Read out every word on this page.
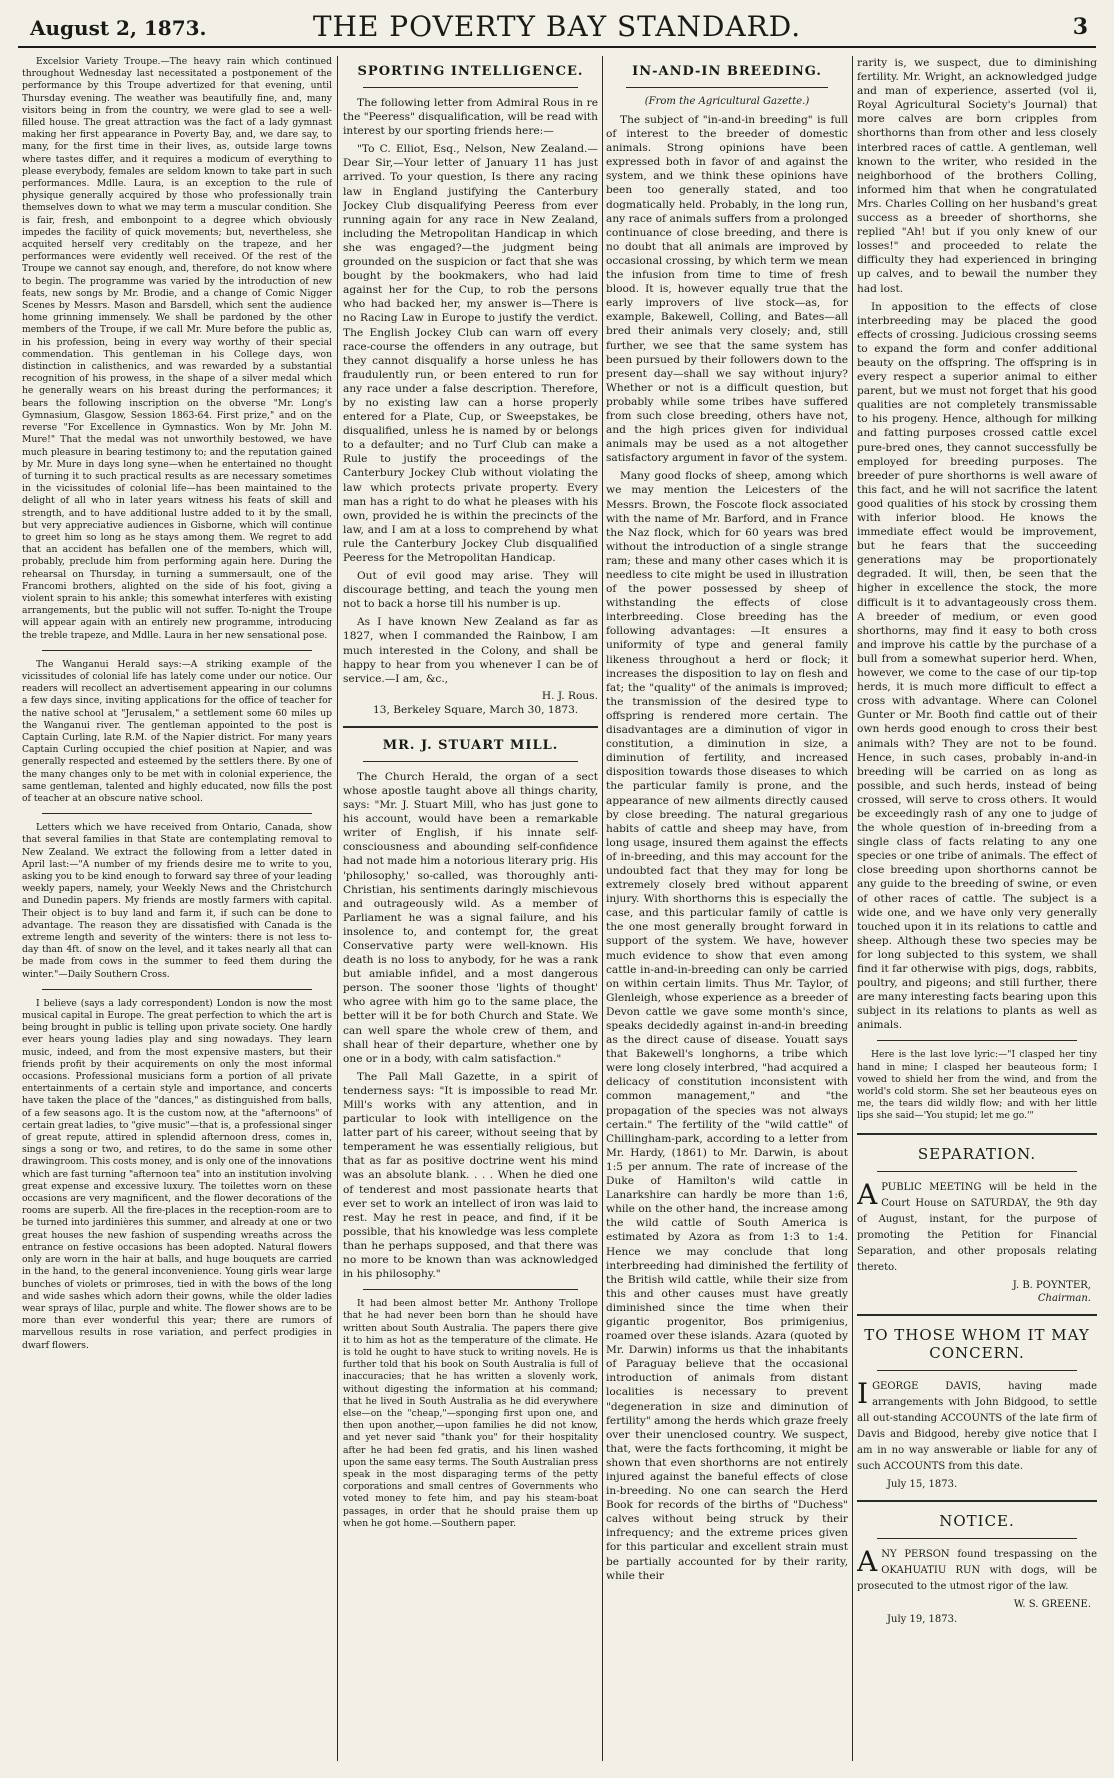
August 2, 1873.	THE POVERTY BAY STANDARD.	3

Excelsior Variety Troupe.—The heavy rain which continued throughout Wednesday last necessitated a postponement of the performance by this Troupe advertized for that evening, until Thursday evening. The weather was beautifully fine, and, many visitors being in from the country, we were glad to see a well-filled house. The great attraction was the fact of a lady gymnast making her first appearance in Poverty Bay, and, we dare say, to many, for the first time in their lives, as, outside large towns where tastes differ, and it requires a modicum of everything to please everybody, females are seldom known to take part in such performances. Mdlle. Laura, is an exception to the rule of physique generally acquired by those who professionally train themselves down to what we may term a muscular condition. She is fair, fresh, and embonpoint to a degree which obviously impedes the facility of quick movements; but, nevertheless, she acquited herself very creditably on the trapeze, and her performances were evidently well received. Of the rest of the Troupe we cannot say enough, and, therefore, do not know where to begin. The programme was varied by the introduction of new feats, new songs by Mr. Brodie, and a change of Comic Nigger Scenes by Messrs. Mason and Barsdell, which sent the audience home grinning immensely. We shall be pardoned by the other members of the Troupe, if we call Mr. Mure before the public as, in his profession, being in every way worthy of their special commendation. This gentleman in his College days, won distinction in calisthenics, and was rewarded by a substantial recognition of his prowess, in the shape of a silver medal which he generally wears on his breast during the performances; it bears the following inscription on the obverse "Mr. Long's Gymnasium, Glasgow, Session 1863-64. First prize," and on the reverse "For Excellence in Gymnastics. Won by Mr. John M. Mure!" That the medal was not unworthily bestowed, we have much pleasure in bearing testimony to; and the reputation gained by Mr. Mure in days long syne—when he entertained no thought of turning it to such practical results as are necessary sometimes in the vicissitudes of colonial life—has been maintained to the delight of all who in later years witness his feats of skill and strength, and to have additional lustre added to it by the small, but very appreciative audiences in Gisborne, which will continue to greet him so long as he stays among them. We regret to add that an accident has befallen one of the members, which will, probably, preclude him from performing again here. During the rehearsal on Thursday, in turning a summersault, one of the Francomi brothers, alighted on the side of his foot, giving a violent sprain to his ankle; this somewhat interferes with existing arrangements, but the public will not suffer. To-night the Troupe will appear again with an entirely new programme, introducing the treble trapeze, and Mdlle. Laura in her new sensational pose.

The Wanganui Herald says:—A striking example of the vicissitudes of colonial life has lately come under our notice. Our readers will recollect an advertisement appearing in our columns a few days since, inviting applications for the office of teacher for the native school at "Jerusalem," a settlement some 60 miles up the Wanganui river. The gentleman appointed to the post is Captain Curling, late R.M. of the Napier district. For many years Captain Curling occupied the chief position at Napier, and was generally respected and esteemed by the settlers there. By one of the many changes only to be met with in colonial experience, the same gentleman, talented and highly educated, now fills the post of teacher at an obscure native school.

Letters which we have received from Ontario, Canada, show that several families in that State are contemplating removal to New Zealand. We extract the following from a letter dated in April last:—"A number of my friends desire me to write to you, asking you to be kind enough to forward say three of your leading weekly papers, namely, your Weekly News and the Christchurch and Dunedin papers. My friends are mostly farmers with capital. Their object is to buy land and farm it, if such can be done to advantage. The reason they are dissatisfied with Canada is the extreme length and severity of the winters: there is not less to-day than 4ft. of snow on the level, and it takes nearly all that can be made from cows in the summer to feed them during the winter."—Daily Southern Cross.

I believe (says a lady correspondent) London is now the most musical capital in Europe. The great perfection to which the art is being brought in public is telling upon private society. One hardly ever hears young ladies play and sing nowadays. They learn music, indeed, and from the most expensive masters, but their friends profit by their acquirements on only the most informal occasions. Professional musicians form a portion of all private entertainments of a certain style and importance, and concerts have taken the place of the "dances," as distinguished from balls, of a few seasons ago. It is the custom now, at the "afternoons" of certain great ladies, to "give music"—that is, a professional singer of great repute, attired in splendid afternoon dress, comes in, sings a song or two, and retires, to do the same in some other drawingroom. This costs money, and is only one of the innovations which are fast turning "afternoon tea" into an institution involving great expense and excessive luxury. The toilettes worn on these occasions are very magnificent, and the flower decorations of the rooms are superb. All the fire-places in the reception-room are to be turned into jardinières this summer, and already at one or two great houses the new fashion of suspending wreaths across the entrance on festive occasions has been adopted. Natural flowers only are worn in the hair at balls, and huge bouquets are carried in the hand, to the general inconvenience. Young girls wear large bunches of violets or primroses, tied in with the bows of the long and wide sashes which adorn their gowns, while the older ladies wear sprays of lilac, purple and white. The flower shows are to be more than ever wonderful this year; there are rumors of marvellous results in rose variation, and perfect prodigies in dwarf flowers.

SPORTING INTELLIGENCE.

The following letter from Admiral Rous in re the "Peeress" disqualification, will be read with interest by our sporting friends here:—

"To C. Elliot, Esq., Nelson, New Zealand.—Dear Sir,—Your letter of January 11 has just arrived. To your question, Is there any racing law in England justifying the Canterbury Jockey Club disqualifying Peeress from ever running again for any race in New Zealand, including the Metropolitan Handicap in which she was engaged?—the judgment being grounded on the suspicion or fact that she was bought by the bookmakers, who had laid against her for the Cup, to rob the persons who had backed her, my answer is—There is no Racing Law in Europe to justify the verdict. The English Jockey Club can warn off every race-course the offenders in any outrage, but they cannot disqualify a horse unless he has fraudulently run, or been entered to run for any race under a false description. Therefore, by no existing law can a horse properly entered for a Plate, Cup, or Sweepstakes, be disqualified, unless he is named by or belongs to a defaulter; and no Turf Club can make a Rule to justify the proceedings of the Canterbury Jockey Club without violating the law which protects private property. Every man has a right to do what he pleases with his own, provided he is within the precincts of the law, and I am at a loss to comprehend by what rule the Canterbury Jockey Club disqualified Peeress for the Metropolitan Handicap.

Out of evil good may arise. They will discourage betting, and teach the young men not to back a horse till his number is up.

As I have known New Zealand as far as 1827, when I commanded the Rainbow, I am much interested in the Colony, and shall be happy to hear from you whenever I can be of service.—I am, &c.,

H. J. Rous.

13, Berkeley Square, March 30, 1873.

MR. J. STUART MILL.

The Church Herald, the organ of a sect whose apostle taught above all things charity, says: "Mr. J. Stuart Mill, who has just gone to his account, would have been a remarkable writer of English, if his innate self-consciousness and abounding self-confidence had not made him a notorious literary prig. His 'philosophy,' so-called, was thoroughly anti-Christian, his sentiments daringly mischievous and outrageously wild. As a member of Parliament he was a signal failure, and his insolence to, and contempt for, the great Conservative party were well-known. His death is no loss to anybody, for he was a rank but amiable infidel, and a most dangerous person. The sooner those 'lights of thought' who agree with him go to the same place, the better will it be for both Church and State. We can well spare the whole crew of them, and shall hear of their departure, whether one by one or in a body, with calm satisfaction."

The Pall Mall Gazette, in a spirit of tenderness says: "It is impossible to read Mr. Mill's works with any attention, and in particular to look with intelligence on the latter part of his career, without seeing that by temperament he was essentially religious, but that as far as positive doctrine went his mind was an absolute blank. . . . When he died one of tenderest and most passionate hearts that ever set to work an intellect of iron was laid to rest. May he rest in peace, and find, if it be possible, that his knowledge was less complete than he perhaps supposed, and that there was no more to be known than was acknowledged in his philosophy."

It had been almost better Mr. Anthony Trollope that he had never been born than he should have written about South Australia. The papers there give it to him as hot as the temperature of the climate. He is told he ought to have stuck to writing novels. He is further told that his book on South Australia is full of inaccuracies; that he has written a slovenly work, without digesting the information at his command; that he lived in South Australia as he did everywhere else—on the "cheap,"—sponging first upon one, and then upon another,—upon families he did not know, and yet never said "thank you" for their hospitality after he had been fed gratis, and his linen washed upon the same easy terms. The South Australian press speak in the most disparaging terms of the petty corporations and small centres of Governments who voted money to fete him, and pay his steam-boat passages, in order that he should praise them up when he got home.—Southern paper.

IN-AND-IN BREEDING.

(From the Agricultural Gazette.)

The subject of "in-and-in breeding" is full of interest to the breeder of domestic animals. Strong opinions have been expressed both in favor of and against the system, and we think these opinions have been too generally stated, and too dogmatically held. Probably, in the long run, any race of animals suffers from a prolonged continuance of close breeding, and there is no doubt that all animals are improved by occasional crossing, by which term we mean the infusion from time to time of fresh blood. It is, however equally true that the early improvers of live stock—as, for example, Bakewell, Colling, and Bates—all bred their animals very closely; and, still further, we see that the same system has been pursued by their followers down to the present day—shall we say without injury? Whether or not is a difficult question, but probably while some tribes have suffered from such close breeding, others have not, and the high prices given for individual animals may be used as a not altogether satisfactory argument in favor of the system.

Many good flocks of sheep, among which we may mention the Leicesters of the Messrs. Brown, the Foscote flock associated with the name of Mr. Barford, and in France the Naz flock, which for 60 years was bred without the introduction of a single strange ram; these and many other cases which it is needless to cite might be used in illustration of the power possessed by sheep of withstanding the effects of close interbreeding. Close breeding has the following advantages: —It ensures a uniformity of type and general family likeness throughout a herd or flock; it increases the disposition to lay on flesh and fat; the "quality" of the animals is improved; the transmission of the desired type to offspring is rendered more certain. The disadvantages are a diminution of vigor in constitution, a diminution in size, a diminution of fertility, and increased disposition towards those diseases to which the particular family is prone, and the appearance of new ailments directly caused by close breeding. The natural gregarious habits of cattle and sheep may have, from long usage, insured them against the effects of in-breeding, and this may account for the undoubted fact that they may for long be extremely closely bred without apparent injury. With shorthorns this is especially the case, and this particular family of cattle is the one most generally brought forward in support of the system. We have, however much evidence to show that even among cattle in-and-in-breeding can only be carried on within certain limits. Thus Mr. Taylor, of Glenleigh, whose experience as a breeder of Devon cattle we gave some month's since, speaks decidedly against in-and-in breeding as the direct cause of disease. Youatt says that Bakewell's longhorns, a tribe which were long closely interbred, "had acquired a delicacy of constitution inconsistent with common management," and "the propagation of the species was not always certain." The fertility of the "wild cattle" of Chillingham-park, according to a letter from Mr. Hardy, (1861) to Mr. Darwin, is about 1:5 per annum. The rate of increase of the Duke of Hamilton's wild cattle in Lanarkshire can hardly be more than 1:6, while on the other hand, the increase among the wild cattle of South America is estimated by Azora as from 1:3 to 1:4. Hence we may conclude that long interbreeding had diminished the fertility of the British wild cattle, while their size from this and other causes must have greatly diminished since the time when their gigantic progenitor, Bos primigenius, roamed over these islands. Azara (quoted by Mr. Darwin) informs us that the inhabitants of Paraguay believe that the occasional introduction of animals from distant localities is necessary to prevent "degeneration in size and diminution of fertility" among the herds which graze freely over their unenclosed country. We suspect, that, were the facts forthcoming, it might be shown that even shorthorns are not entirely injured against the baneful effects of close in-breeding. No one can search the Herd Book for records of the births of "Duchess" calves without being struck by their infrequency; and the extreme prices given for this particular and excellent strain must be partially accounted for by their rarity, while their

rarity is, we suspect, due to diminishing fertility. Mr. Wright, an acknowledged judge and man of experience, asserted (vol ii, Royal Agricultural Society's Journal) that more calves are born cripples from shorthorns than from other and less closely interbred races of cattle. A gentleman, well known to the writer, who resided in the neighborhood of the brothers Colling, informed him that when he congratulated Mrs. Charles Colling on her husband's great success as a breeder of shorthorns, she replied "Ah! but if you only knew of our losses!" and proceeded to relate the difficulty they had experienced in bringing up calves, and to bewail the number they had lost.

In apposition to the effects of close interbreeding may be placed the good effects of crossing. Judicious crossing seems to expand the form and confer additional beauty on the offspring. The offspring is in every respect a superior animal to either parent, but we must not forget that his good qualities are not completely transmissable to his progeny. Hence, although for milking and fatting purposes crossed cattle excel pure-bred ones, they cannot successfully be employed for breeding purposes. The breeder of pure shorthorns is well aware of this fact, and he will not sacrifice the latent good qualities of his stock by crossing them with inferior blood. He knows the immediate effect would be improvement, but he fears that the succeeding generations may be proportionately degraded. It will, then, be seen that the higher in excellence the stock, the more difficult is it to advantageously cross them. A breeder of medium, or even good shorthorns, may find it easy to both cross and improve his cattle by the purchase of a bull from a somewhat superior herd. When, however, we come to the case of our tip-top herds, it is much more difficult to effect a cross with advantage. Where can Colonel Gunter or Mr. Booth find cattle out of their own herds good enough to cross their best animals with? They are not to be found. Hence, in such cases, probably in-and-in breeding will be carried on as long as possible, and such herds, instead of being crossed, will serve to cross others. It would be exceedingly rash of any one to judge of the whole question of in-breeding from a single class of facts relating to any one species or one tribe of animals. The effect of close breeding upon shorthorns cannot be any guide to the breeding of swine, or even of other races of cattle. The subject is a wide one, and we have only very generally touched upon it in its relations to cattle and sheep. Although these two species may be for long subjected to this system, we shall find it far otherwise with pigs, dogs, rabbits, poultry, and pigeons; and still further, there are many interesting facts bearing upon this subject in its relations to plants as well as animals.

Here is the last love lyric:—"I clasped her tiny hand in mine; I clasped her beauteous form; I vowed to shield her from the wind, and from the world's cold storm. She set her beauteous eyes on me, the tears did wildly flow; and with her little lips she said—'You stupid; let me go.'"

SEPARATION.

APUBLIC MEETING will be held in the Court House on SATURDAY, the 9th day of August, instant, for the purpose of promoting the Petition for Financial Separation, and other proposals relating thereto.

J. B. POYNTER,

Chairman.

TO THOSE WHOM IT MAY CONCERN.

IGEORGE DAVIS, having made arrangements with John Bidgood, to settle all out-standing ACCOUNTS of the late firm of Davis and Bidgood, hereby give notice that I am in no way answerable or liable for any of such ACCOUNTS from this date.

July 15, 1873.

NOTICE.

ANY PERSON found trespassing on the OKAHUATIU RUN with dogs, will be prosecuted to the utmost rigor of the law.

W. S. GREENE.

July 19, 1873.
